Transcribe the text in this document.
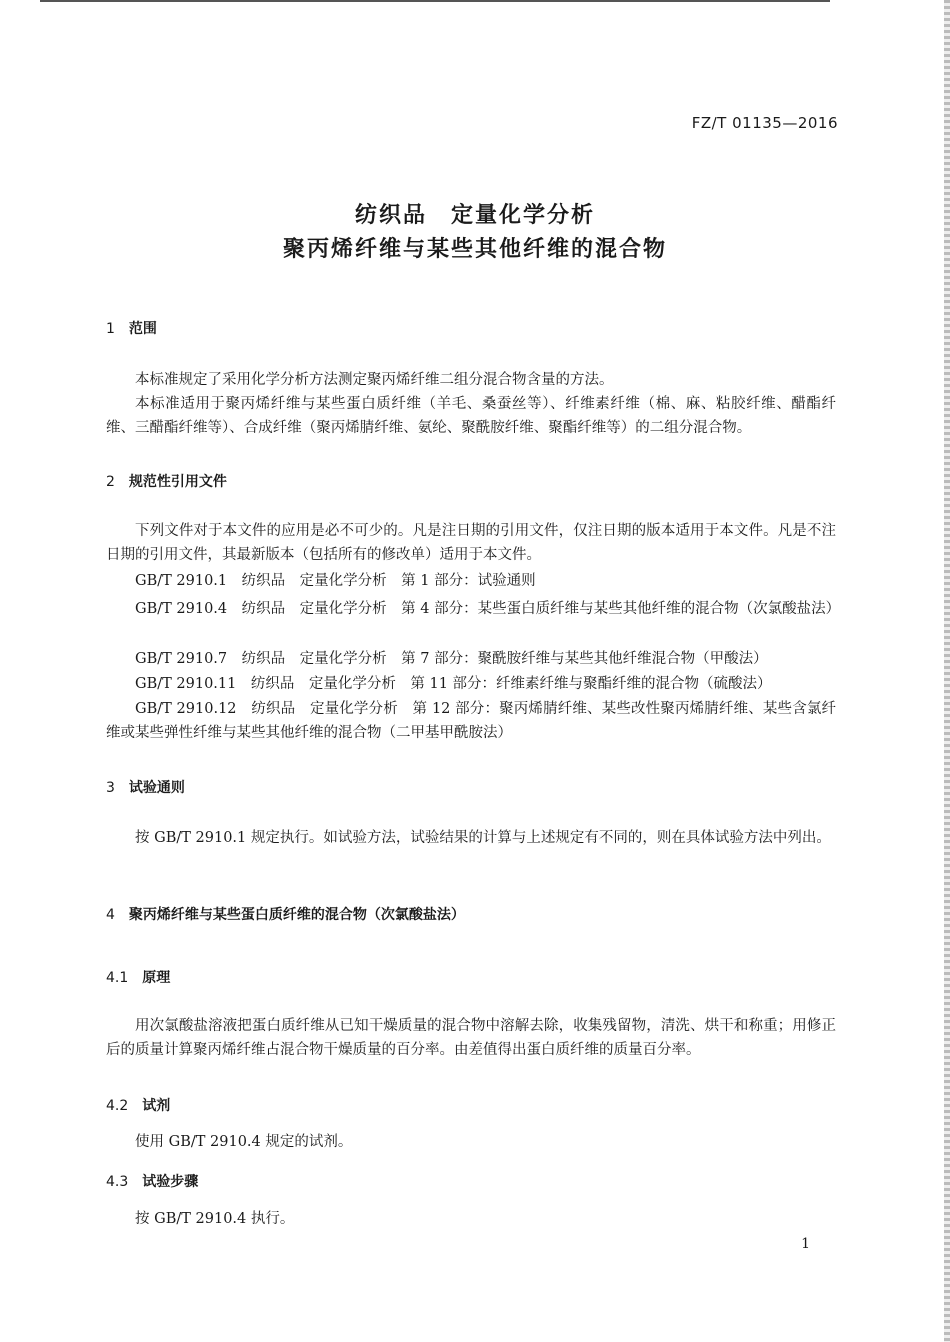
FZ/T 01135—2016
纺织品　定量化学分析
聚丙烯纤维与某些其他纤维的混合物
1 范围
本标准规定了采用化学分析方法测定聚丙烯纤维二组分混合物含量的方法。
本标准适用于聚丙烯纤维与某些蛋白质纤维（羊毛、桑蚕丝等）、纤维素纤维（棉、麻、粘胶纤维、醋酯纤维、三醋酯纤维等）、合成纤维（聚丙烯腈纤维、氨纶、聚酰胺纤维、聚酯纤维等）的二组分混合物。
2 规范性引用文件
下列文件对于本文件的应用是必不可少的。凡是注日期的引用文件，仅注日期的版本适用于本文件。凡是不注日期的引用文件，其最新版本（包括所有的修改单）适用于本文件。
GB/T 2910.1　纺织品　定量化学分析　第 1 部分：试验通则
GB/T 2910.4　纺织品　定量化学分析　第 4 部分：某些蛋白质纤维与某些其他纤维的混合物（次氯酸盐法）
GB/T 2910.7　纺织品　定量化学分析　第 7 部分：聚酰胺纤维与某些其他纤维混合物（甲酸法）
GB/T 2910.11　纺织品　定量化学分析　第 11 部分：纤维素纤维与聚酯纤维的混合物（硫酸法）
GB/T 2910.12　纺织品　定量化学分析　第 12 部分：聚丙烯腈纤维、某些改性聚丙烯腈纤维、某些含氯纤维或某些弹性纤维与某些其他纤维的混合物（二甲基甲酰胺法）
3 试验通则
按 GB/T 2910.1 规定执行。如试验方法，试验结果的计算与上述规定有不同的，则在具体试验方法中列出。
4 聚丙烯纤维与某些蛋白质纤维的混合物（次氯酸盐法）
4.1 原理
用次氯酸盐溶液把蛋白质纤维从已知干燥质量的混合物中溶解去除，收集残留物，清洗、烘干和称重；用修正后的质量计算聚丙烯纤维占混合物干燥质量的百分率。由差值得出蛋白质纤维的质量百分率。
4.2 试剂
使用 GB/T 2910.4 规定的试剂。
4.3 试验步骤
按 GB/T 2910.4 执行。
1
